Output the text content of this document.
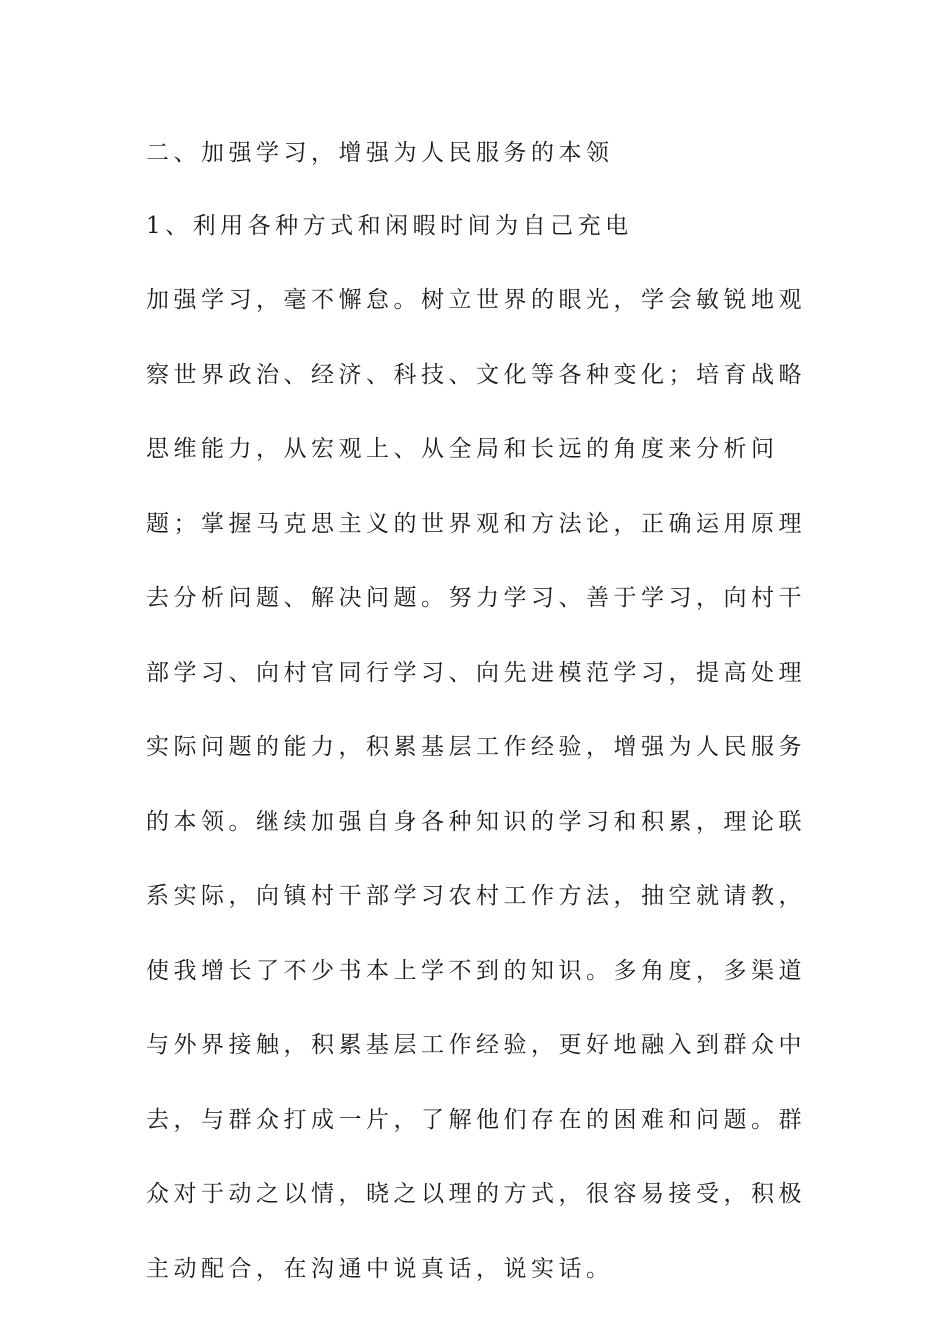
二、加强学习，增强为人民服务的本领

1、利用各种方式和闲暇时间为自己充电

加强学习，毫不懈怠。树立世界的眼光，学会敏锐地观察世界政治、经济、科技、文化等各种变化；培育战略思维能力，从宏观上、从全局和长远的角度来分析问题；掌握马克思主义的世界观和方法论，正确运用原理去分析问题、解决问题。努力学习、善于学习，向村干部学习、向村官同行学习、向先进模范学习，提高处理实际问题的能力，积累基层工作经验，增强为人民服务的本领。继续加强自身各种知识的学习和积累，理论联系实际，向镇村干部学习农村工作方法，抽空就请教，使我增长了不少书本上学不到的知识。多角度，多渠道与外界接触，积累基层工作经验，更好地融入到群众中去，与群众打成一片，了解他们存在的困难和问题。群众对于动之以情，晓之以理的方式，很容易接受，积极主动配合，在沟通中说真话，说实话。
